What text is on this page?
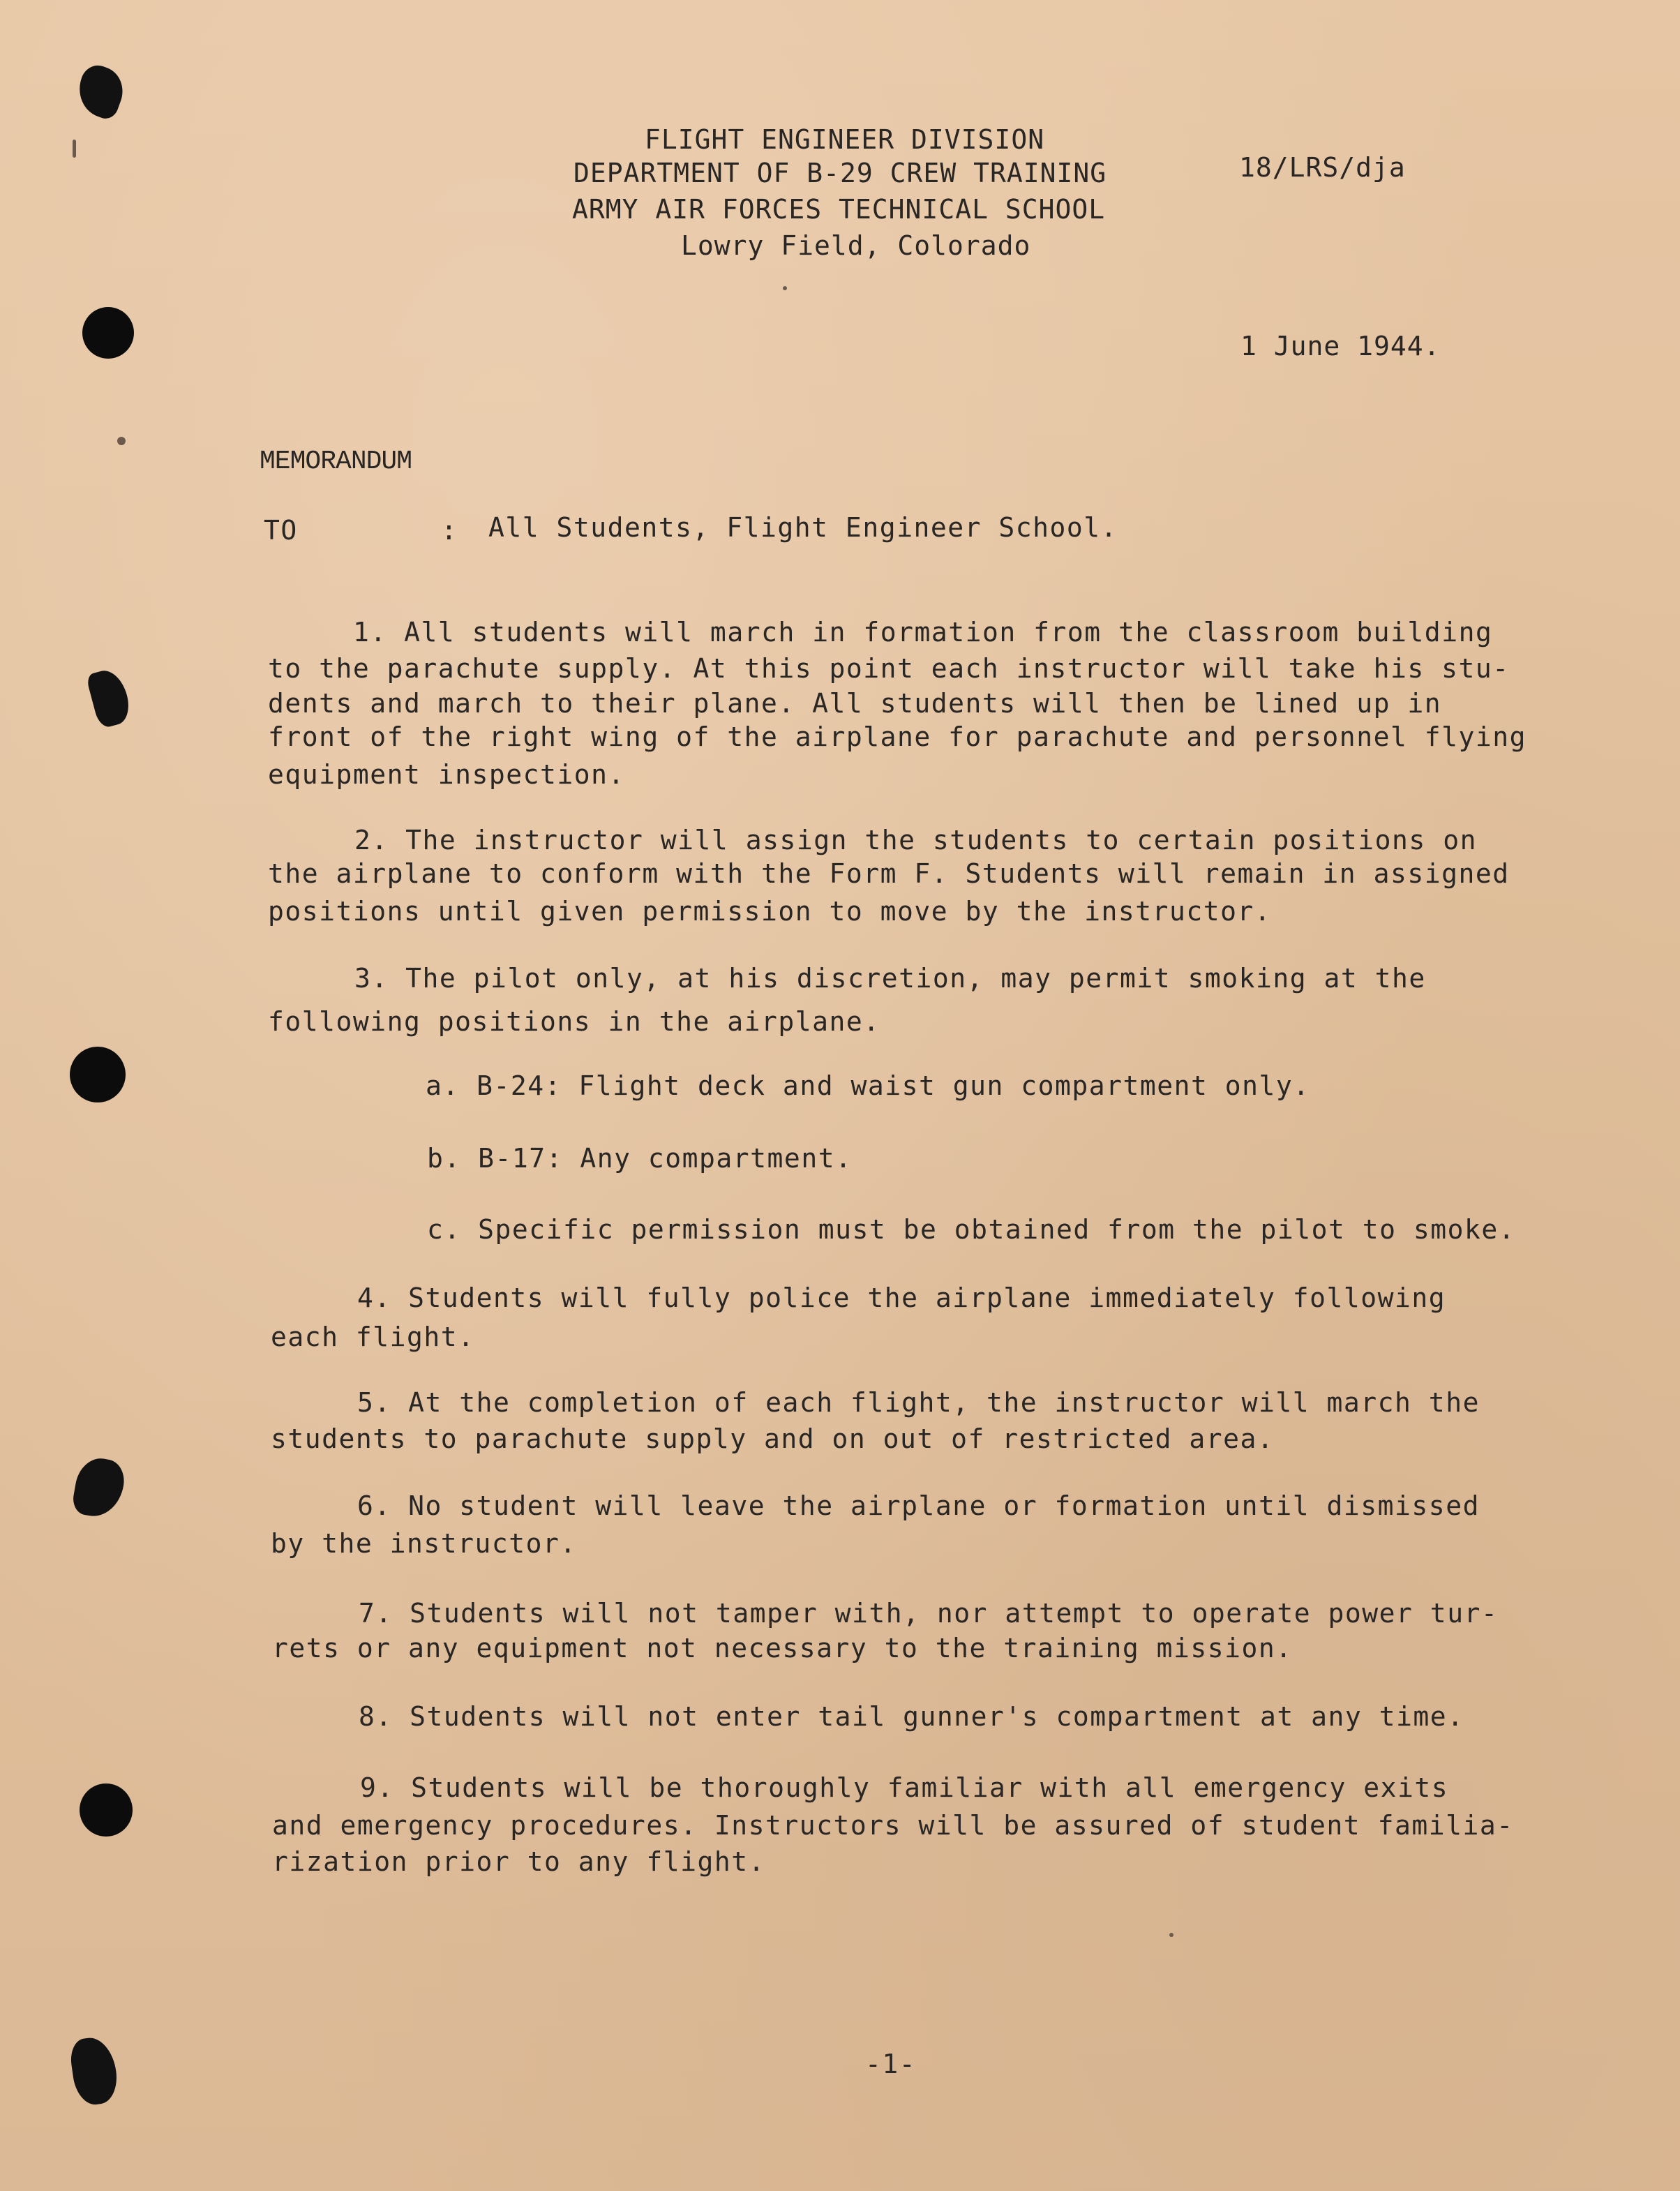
FLIGHT ENGINEER DIVISION
DEPARTMENT OF B-29 CREW TRAINING
ARMY AIR FORCES TECHNICAL SCHOOL
Lowry Field, Colorado
18/LRS/dja
1 June 1944.
MEMORANDUM
TO	: All Students, Flight Engineer School.
1. All students will march in formation from the classroom building
to the parachute supply. At this point each instructor will take his stu-
dents and march to their plane. All students will then be lined up in
front of the right wing of the airplane for parachute and personnel flying
equipment inspection.
2. The instructor will assign the students to certain positions on
the airplane to conform with the Form F. Students will remain in assigned
positions until given permission to move by the instructor.
3. The pilot only, at his discretion, may permit smoking at the
following positions in the airplane.
a. B-24: Flight deck and waist gun compartment only.
b. B-17: Any compartment.
c. Specific permission must be obtained from the pilot to smoke.
4. Students will fully police the airplane immediately following
each flight.
5. At the completion of each flight, the instructor will march the
students to parachute supply and on out of restricted area.
6. No student will leave the airplane or formation until dismissed
by the instructor.
7. Students will not tamper with, nor attempt to operate power tur-
rets or any equipment not necessary to the training mission.
8. Students will not enter tail gunner's compartment at any time.
9. Students will be thoroughly familiar with all emergency exits
and emergency procedures. Instructors will be assured of student familia-
rization prior to any flight.
-1-
